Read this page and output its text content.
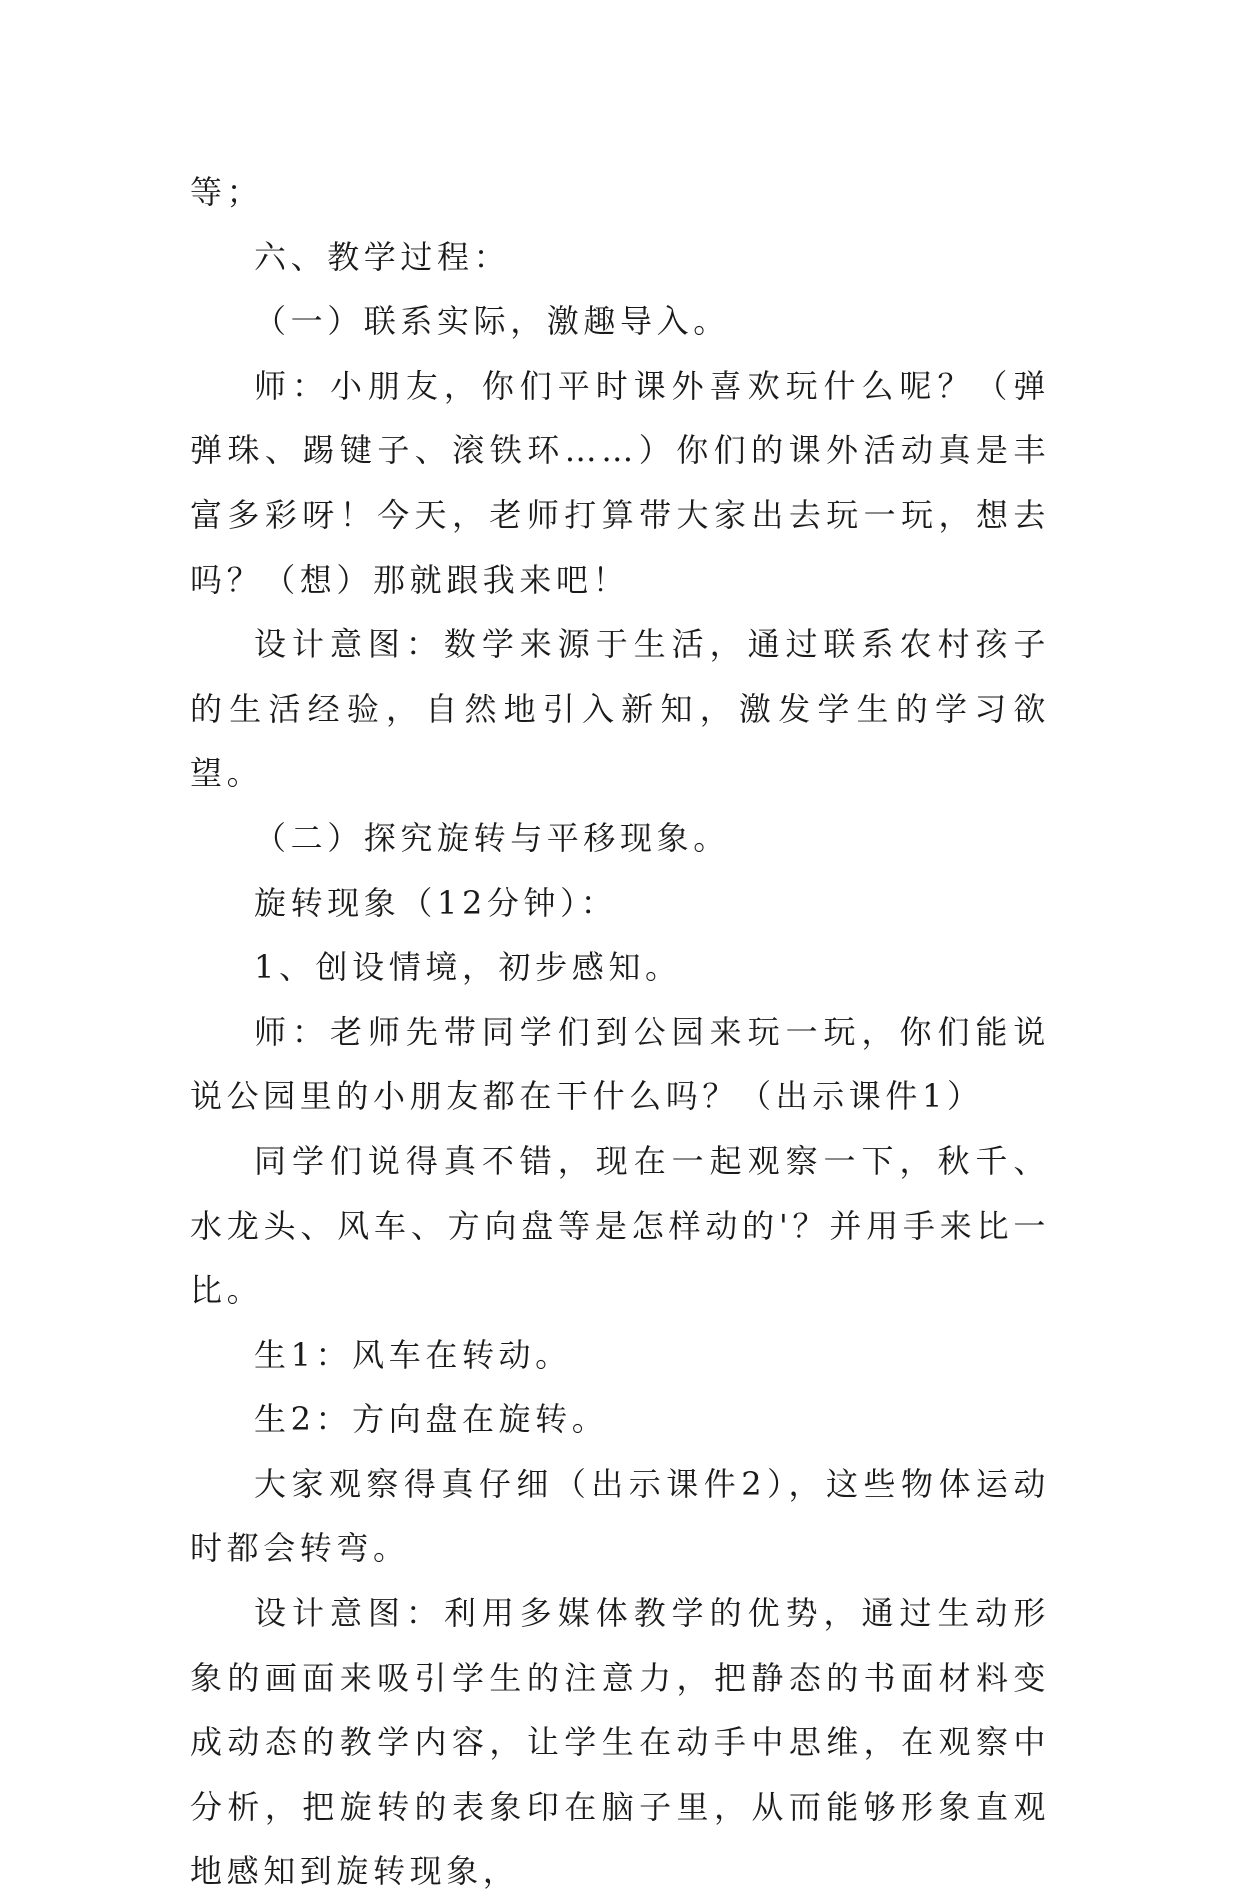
等；

六、教学过程：

（一）联系实际，激趣导入。

师：小朋友，你们平时课外喜欢玩什么呢？（弹弹珠、踢键子、滚铁环……）你们的课外活动真是丰富多彩呀！今天，老师打算带大家出去玩一玩，想去吗？（想）那就跟我来吧！

设计意图：数学来源于生活，通过联系农村孩子的生活经验，自然地引入新知，激发学生的学习欲望。

（二）探究旋转与平移现象。

旋转现象（12分钟）：

1、创设情境，初步感知。

师：老师先带同学们到公园来玩一玩，你们能说说公园里的小朋友都在干什么吗？（出示课件1）

同学们说得真不错，现在一起观察一下，秋千、水龙头、风车、方向盘等是怎样动的'？并用手来比一比。

生1：风车在转动。

生2：方向盘在旋转。

大家观察得真仔细（出示课件2），这些物体运动时都会转弯。

设计意图：利用多媒体教学的优势，通过生动形象的画面来吸引学生的注意力，把静态的书面材料变成动态的教学内容，让学生在动手中思维，在观察中分析，把旋转的表象印在脑子里，从而能够形象直观地感知到旋转现象，
